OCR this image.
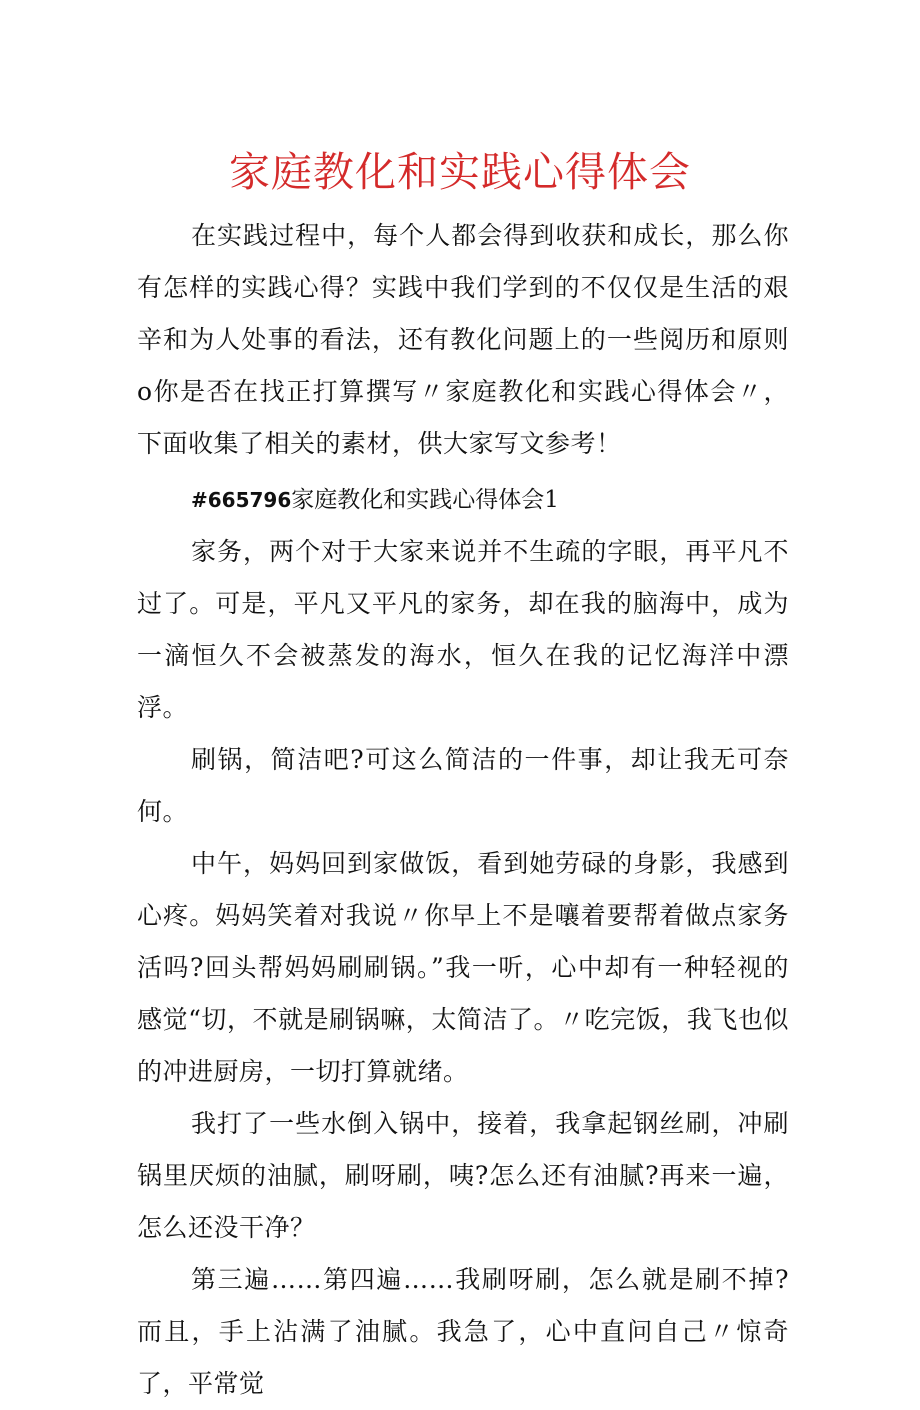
家庭教化和实践心得体会

在实践过程中，每个人都会得到收获和成长，那么你有怎样的实践心得？实践中我们学到的不仅仅是生活的艰辛和为人处事的看法，还有教化问题上的一些阅历和原则o你是否在找正打算撰写〃家庭教化和实践心得体会〃，下面收集了相关的素材，供大家写文参考！

#665796家庭教化和实践心得体会1

家务，两个对于大家来说并不生疏的字眼，再平凡不过了。可是，平凡又平凡的家务，却在我的脑海中，成为一滴恒久不会被蒸发的海水，恒久在我的记忆海洋中漂浮。

刷锅，简洁吧?可这么简洁的一件事，却让我无可奈何。

中午，妈妈回到家做饭，看到她劳碌的身影，我感到心疼。妈妈笑着对我说〃你早上不是嚷着要帮着做点家务活吗?回头帮妈妈刷刷锅。”我一听，心中却有一种轻视的感觉“切，不就是刷锅嘛，太简洁了。〃吃完饭，我飞也似的冲进厨房，一切打算就绪。

我打了一些水倒入锅中，接着，我拿起钢丝刷，冲刷锅里厌烦的油腻，刷呀刷，咦?怎么还有油腻?再来一遍，怎么还没干净？

第三遍……第四遍……我刷呀刷，怎么就是刷不掉?而且，手上沾满了油腻。我急了，心中直问自己〃惊奇了，平常觉
